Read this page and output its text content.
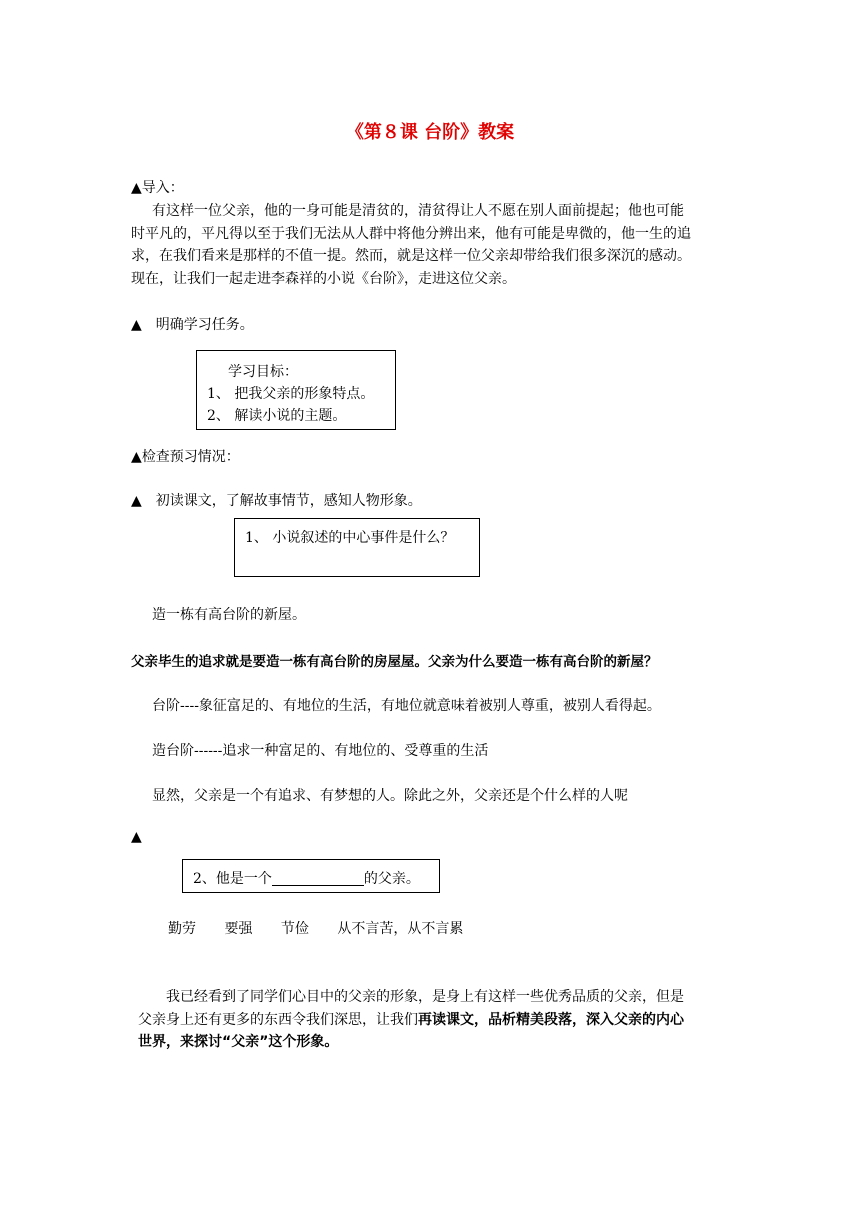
《第８课 台阶》教案
▲导入：
有这样一位父亲，他的一身可能是清贫的，清贫得让人不愿在别人面前提起；他也可能
时平凡的，平凡得以至于我们无法从人群中将他分辨出来，他有可能是卑微的，他一生的追
求，在我们看来是那样的不值一提。然而，就是这样一位父亲却带给我们很多深沉的感动。
现在，让我们一起走进李森祥的小说《台阶》，走进这位父亲。
▲　明确学习任务。
学习目标：
1、 把我父亲的形象特点。
2、 解读小说的主题。
▲检查预习情况：
▲　初读课文，了解故事情节，感知人物形象。
1、 小说叙述的中心事件是什么？
造一栋有高台阶的新屋。
父亲毕生的追求就是要造一栋有高台阶的房屋屋。父亲为什么要造一栋有高台阶的新屋？
台阶----象征富足的、有地位的生活，有地位就意味着被别人尊重，被别人看得起。
造台阶------追求一种富足的、有地位的、受尊重的生活
显然，父亲是一个有追求、有梦想的人。除此之外，父亲还是个什么样的人呢
▲
2、他是一个	的父亲。
勤劳 要强 节俭 从不言苦，从不言累
我已经看到了同学们心目中的父亲的形象，是身上有这样一些优秀品质的父亲，但是
父亲身上还有更多的东西令我们深思，让我们再读课文，品析精美段落，深入父亲的内心
世界，来探讨“父亲”这个形象。
